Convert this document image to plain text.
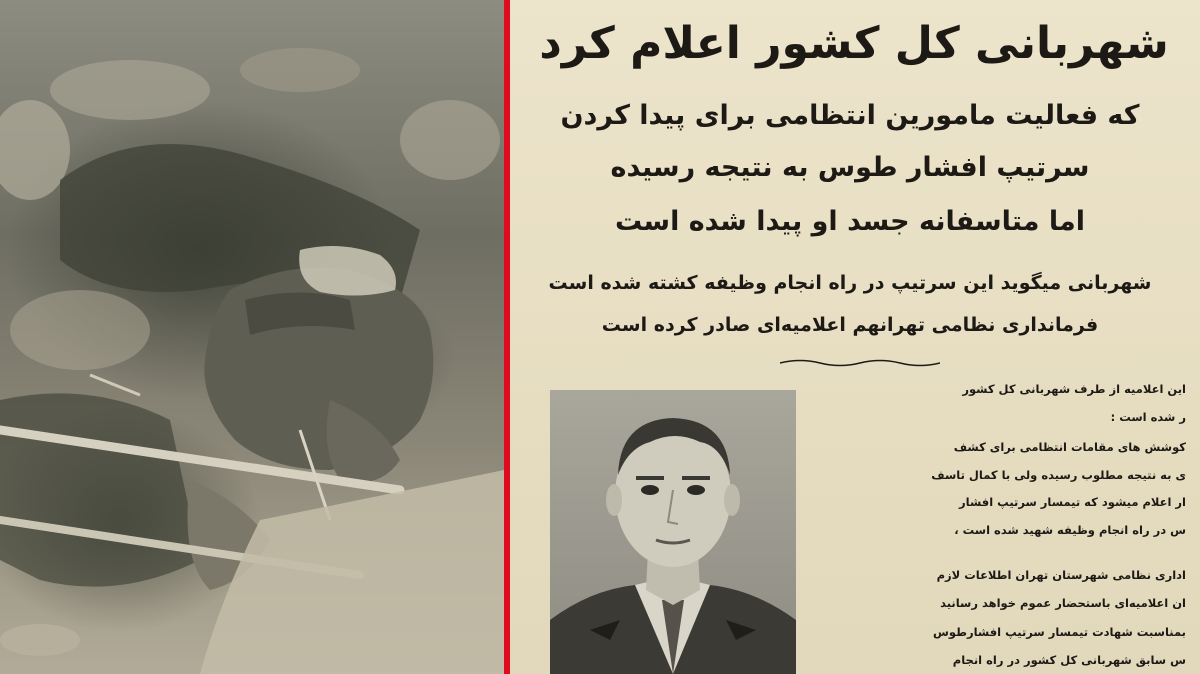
شهربانی کل کشور اعلام کرد
که فعالیت مامورین انتظامی برای پیدا کردن
سرتیپ افشار طوس به نتیجه رسیده
اما متاسفانه جسد او پیدا شده است
شهربانی میگوید این سرتیپ در راه انجام وظیفه کشته شده است
فرمانداری نظامی تهرانهم اعلامیه‌ای صادر کرده است
این اعلامیه از طرف شهربانی کل کشور
ر شده است :
کوشش های مقامات انتظامی برای کشف
ی به نتیجه مطلوب رسیده ولی با کمال تاسف
ار اعلام میشود که تیمسار سرتیپ افشار
س در راه انجام وظیفه شهید شده است ،
اداری نظامی شهرستان تهران اطلاعات لازم
ان اعلامیه‌ای باستحضار عموم خواهد رسانید
بمناسبت شهادت تیمسار سرتیپ افشارطوس
س سابق شهربانی کل کشور در راه انجام
